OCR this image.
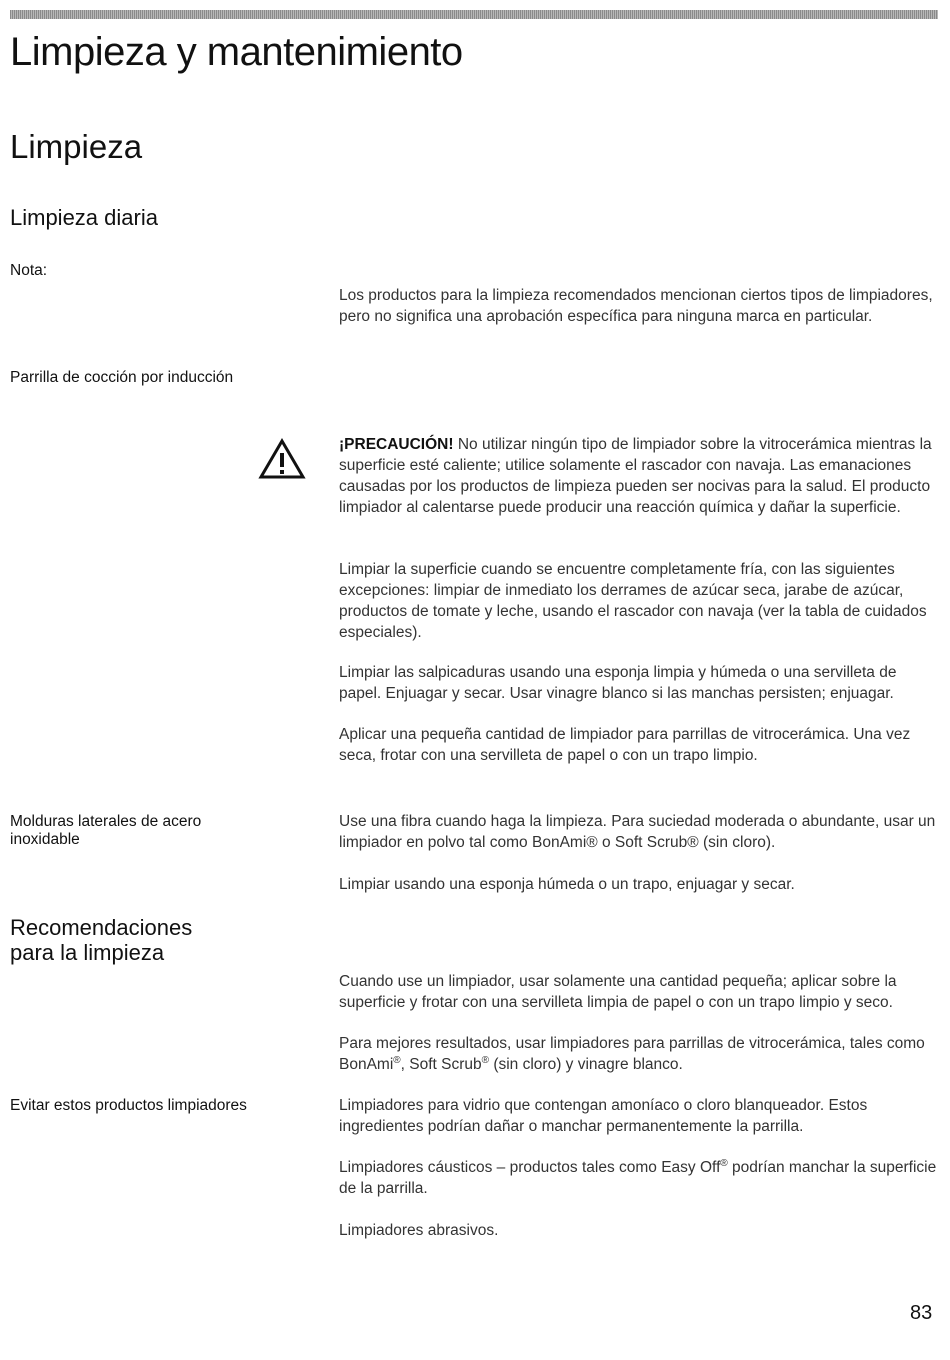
Limpieza y mantenimiento
Limpieza
Limpieza diaria
Nota:
Los productos para la limpieza recomendados mencionan ciertos tipos de limpiadores, pero no significa una aprobación específica para ninguna marca en particular.
Parrilla de cocción por inducción
¡PRECAUCIÓN! No utilizar ningún tipo de limpiador sobre la vitrocerámica mientras la superficie esté caliente; utilice solamente el rascador con navaja. Las emanaciones causadas por los productos de limpieza pueden ser nocivas para la salud. El producto limpiador al calentarse puede producir una reacción química y dañar la superficie.
Limpiar la superficie cuando se encuentre completamente fría, con las siguientes excepciones: limpiar de inmediato los derrames de azúcar seca, jarabe de azúcar, productos de tomate y leche, usando el rascador con navaja (ver la tabla de cuidados especiales).
Limpiar las salpicaduras usando una esponja limpia y húmeda o una servilleta de papel. Enjuagar y secar. Usar vinagre blanco si las manchas persisten; enjuagar.
Aplicar una pequeña cantidad de limpiador para parrillas de vitrocerámica. Una vez seca, frotar con una servilleta de papel o con un trapo limpio.
Molduras laterales de acero inoxidable
Use una fibra cuando haga la limpieza. Para suciedad moderada o abundante, usar un limpiador en polvo tal como BonAmi® o Soft Scrub® (sin cloro).
Limpiar usando una esponja húmeda o un trapo, enjuagar y secar.
Recomendaciones
para la limpieza
Cuando use un limpiador, usar solamente una cantidad pequeña; aplicar sobre la superficie y frotar con una servilleta limpia de papel o con un trapo limpio y seco.
Para mejores resultados, usar limpiadores para parrillas de vitrocerámica, tales como BonAmi®, Soft Scrub® (sin cloro) y vinagre blanco.
Evitar estos productos limpiadores	Limpiadores para vidrio que contengan amoníaco o cloro blanqueador. Estos ingredientes podrían dañar o manchar permanentemente la parrilla.
Limpiadores cáusticos – productos tales como Easy Off® podrían manchar la superficie de la parrilla.
Limpiadores abrasivos.
83
